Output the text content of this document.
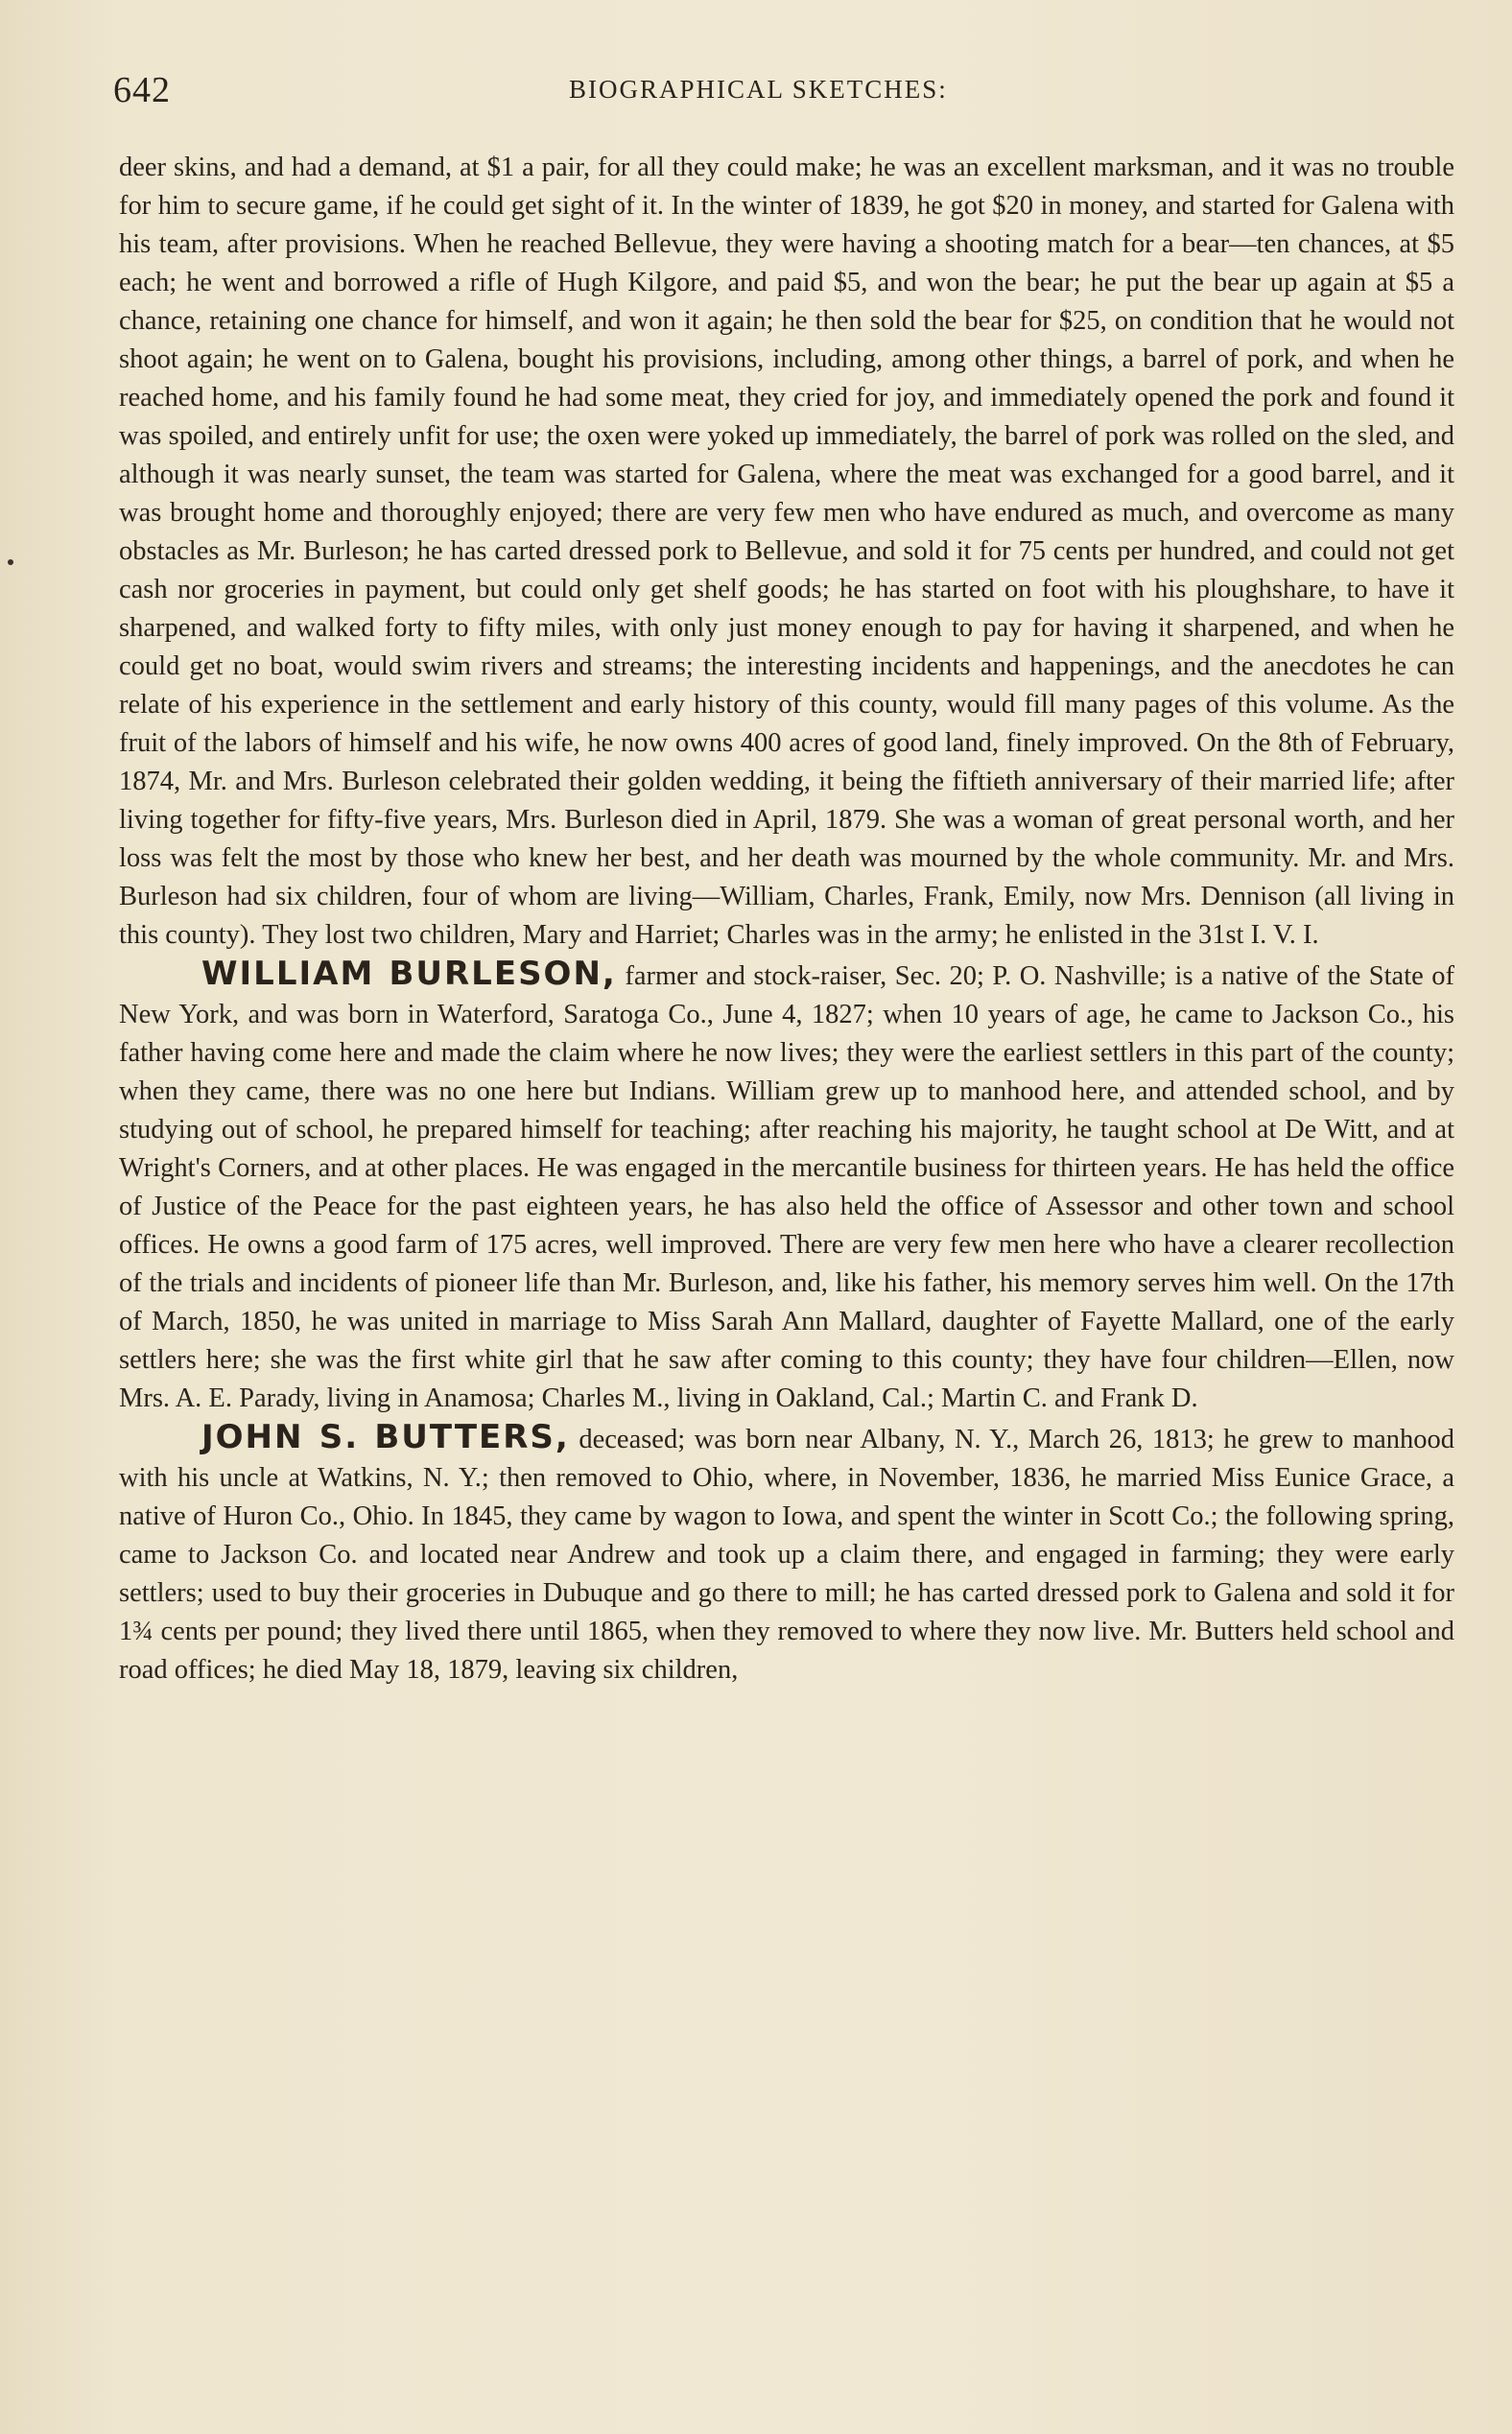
642	BIOGRAPHICAL SKETCHES:

deer skins, and had a demand, at $1 a pair, for all they could make; he was an excellent marksman, and it was no trouble for him to secure game, if he could get sight of it. In the winter of 1839, he got $20 in money, and started for Galena with his team, after provisions. When he reached Bellevue, they were having a shooting match for a bear—ten chances, at $5 each; he went and borrowed a rifle of Hugh Kilgore, and paid $5, and won the bear; he put the bear up again at $5 a chance, retaining one chance for himself, and won it again; he then sold the bear for $25, on condition that he would not shoot again; he went on to Galena, bought his provisions, including, among other things, a barrel of pork, and when he reached home, and his family found he had some meat, they cried for joy, and immediately opened the pork and found it was spoiled, and entirely unfit for use; the oxen were yoked up immediately, the barrel of pork was rolled on the sled, and although it was nearly sunset, the team was started for Galena, where the meat was exchanged for a good barrel, and it was brought home and thoroughly enjoyed; there are very few men who have endured as much, and overcome as many obstacles as Mr. Burleson; he has carted dressed pork to Bellevue, and sold it for 75 cents per hundred, and could not get cash nor groceries in payment, but could only get shelf goods; he has started on foot with his ploughshare, to have it sharpened, and walked forty to fifty miles, with only just money enough to pay for having it sharpened, and when he could get no boat, would swim rivers and streams; the interesting incidents and happenings, and the anecdotes he can relate of his experience in the settlement and early history of this county, would fill many pages of this volume. As the fruit of the labors of himself and his wife, he now owns 400 acres of good land, finely improved. On the 8th of February, 1874, Mr. and Mrs. Burleson celebrated their golden wedding, it being the fiftieth anniversary of their married life; after living together for fifty-five years, Mrs. Burleson died in April, 1879. She was a woman of great personal worth, and her loss was felt the most by those who knew her best, and her death was mourned by the whole community. Mr. and Mrs. Burleson had six children, four of whom are living—William, Charles, Frank, Emily, now Mrs. Dennison (all living in this county). They lost two children, Mary and Harriet; Charles was in the army; he enlisted in the 31st I. V. I.

WILLIAM BURLESON, farmer and stock-raiser, Sec. 20; P. O. Nashville; is a native of the State of New York, and was born in Waterford, Saratoga Co., June 4, 1827; when 10 years of age, he came to Jackson Co., his father having come here and made the claim where he now lives; they were the earliest settlers in this part of the county; when they came, there was no one here but Indians. William grew up to manhood here, and attended school, and by studying out of school, he prepared himself for teaching; after reaching his majority, he taught school at De Witt, and at Wright's Corners, and at other places. He was engaged in the mercantile business for thirteen years. He has held the office of Justice of the Peace for the past eighteen years, he has also held the office of Assessor and other town and school offices. He owns a good farm of 175 acres, well improved. There are very few men here who have a clearer recollection of the trials and incidents of pioneer life than Mr. Burleson, and, like his father, his memory serves him well. On the 17th of March, 1850, he was united in marriage to Miss Sarah Ann Mallard, daughter of Fayette Mallard, one of the early settlers here; she was the first white girl that he saw after coming to this county; they have four children—Ellen, now Mrs. A. E. Parady, living in Anamosa; Charles M., living in Oakland, Cal.; Martin C. and Frank D.

JOHN S. BUTTERS, deceased; was born near Albany, N. Y., March 26, 1813; he grew to manhood with his uncle at Watkins, N. Y.; then removed to Ohio, where, in November, 1836, he married Miss Eunice Grace, a native of Huron Co., Ohio. In 1845, they came by wagon to Iowa, and spent the winter in Scott Co.; the following spring, came to Jackson Co. and located near Andrew and took up a claim there, and engaged in farming; they were early settlers; used to buy their groceries in Dubuque and go there to mill; he has carted dressed pork to Galena and sold it for 1¾ cents per pound; they lived there until 1865, when they removed to where they now live. Mr. Butters held school and road offices; he died May 18, 1879, leaving six children,
